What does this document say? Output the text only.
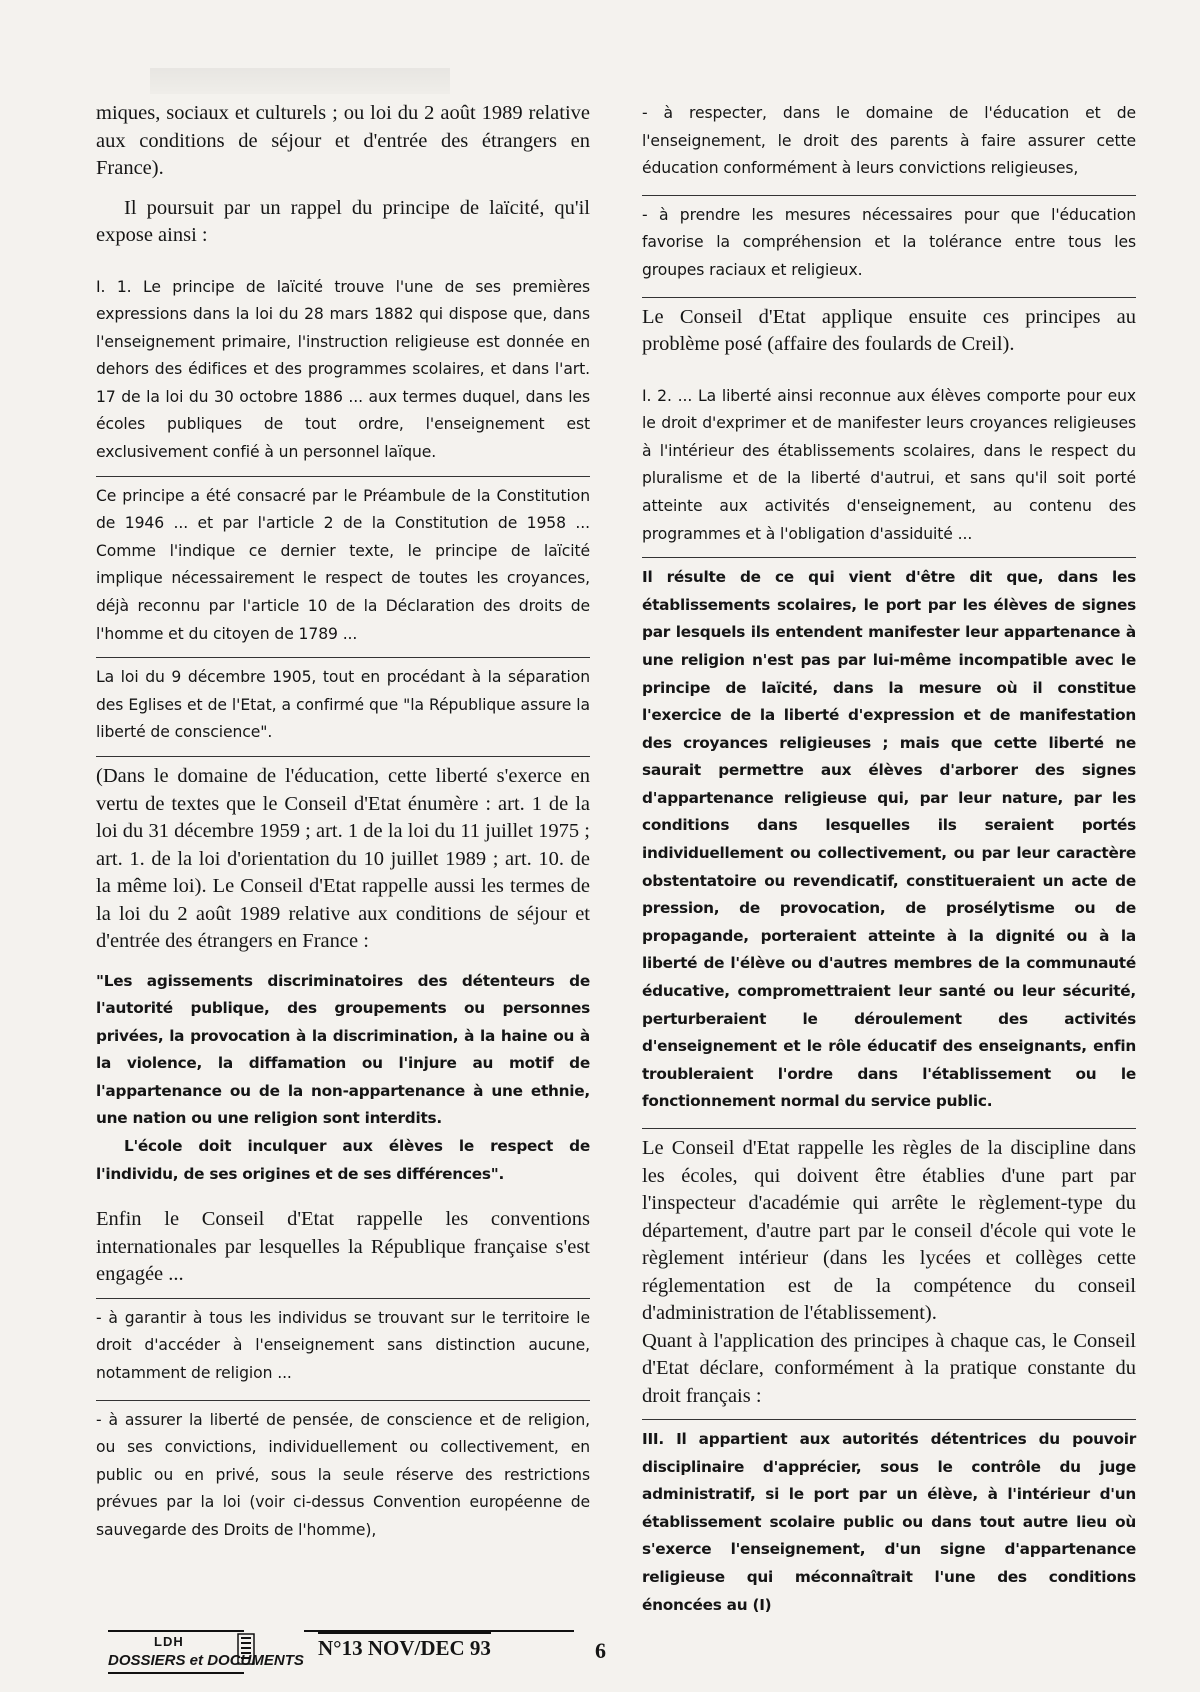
miques, sociaux et culturels ; ou loi du 2 août 1989 relative aux conditions de séjour et d'entrée des étrangers en France).

Il poursuit par un rappel du principe de laïcité, qu'il expose ainsi :

I. 1. Le principe de laïcité trouve l'une de ses premières expressions dans la loi du 28 mars 1882 qui dispose que, dans l'enseignement primaire, l'instruction religieuse est donnée en dehors des édifices et des programmes scolaires, et dans l'art. 17 de la loi du 30 octobre 1886 ... aux termes duquel, dans les écoles publiques de tout ordre, l'enseignement est exclusivement confié à un personnel laïque.

Ce principe a été consacré par le Préambule de la Constitution de 1946 ... et par l'article 2 de la Constitution de 1958 ... Comme l'indique ce dernier texte, le principe de laïcité implique nécessairement le respect de toutes les croyances, déjà reconnu par l'article 10 de la Déclaration des droits de l'homme et du citoyen de 1789 ...

La loi du 9 décembre 1905, tout en procédant à la séparation des Eglises et de l'Etat, a confirmé que "la République assure la liberté de conscience".

(Dans le domaine de l'éducation, cette liberté s'exerce en vertu de textes que le Conseil d'Etat énumère : art. 1 de la loi du 31 décembre 1959 ; art. 1 de la loi du 11 juillet 1975 ; art. 1. de la loi d'orientation du 10 juillet 1989 ; art. 10. de la même loi). Le Conseil d'Etat rappelle aussi les termes de la loi du 2 août 1989 relative aux conditions de séjour et d'entrée des étrangers en France :

"Les agissements discriminatoires des détenteurs de l'autorité publique, des groupements ou personnes privées, la provocation à la discrimination, à la haine ou à la violence, la diffamation ou l'injure au motif de l'appartenance ou de la non-appartenance à une ethnie, une nation ou une religion sont interdits.

L'école doit inculquer aux élèves le respect de l'individu, de ses origines et de ses différences".

Enfin le Conseil d'Etat rappelle les conventions internationales par lesquelles la République française s'est engagée ...

- à garantir à tous les individus se trouvant sur le territoire le droit d'accéder à l'enseignement sans distinction aucune, notamment de religion ...

- à assurer la liberté de pensée, de conscience et de religion, ou ses convictions, individuellement ou collectivement, en public ou en privé, sous la seule réserve des restrictions prévues par la loi (voir ci-dessus Convention européenne de sauvegarde des Droits de l'homme),

- à respecter, dans le domaine de l'éducation et de l'enseignement, le droit des parents à faire assurer cette éducation conformément à leurs convictions religieuses,

- à prendre les mesures nécessaires pour que l'éducation favorise la compréhension et la tolérance entre tous les groupes raciaux et religieux.

Le Conseil d'Etat applique ensuite ces principes au problème posé (affaire des foulards de Creil).

I. 2. ... La liberté ainsi reconnue aux élèves comporte pour eux le droit d'exprimer et de manifester leurs croyances religieuses à l'intérieur des établissements scolaires, dans le respect du pluralisme et de la liberté d'autrui, et sans qu'il soit porté atteinte aux activités d'enseignement, au contenu des programmes et à l'obligation d'assiduité ...

Il résulte de ce qui vient d'être dit que, dans les établissements scolaires, le port par les élèves de signes par lesquels ils entendent manifester leur appartenance à une religion n'est pas par lui-même incompatible avec le principe de laïcité, dans la mesure où il constitue l'exercice de la liberté d'expression et de manifestation des croyances religieuses ; mais que cette liberté ne saurait permettre aux élèves d'arborer des signes d'appartenance religieuse qui, par leur nature, par les conditions dans lesquelles ils seraient portés individuellement ou collectivement, ou par leur caractère obstentatoire ou revendicatif, constitueraient un acte de pression, de provocation, de prosélytisme ou de propagande, porteraient atteinte à la dignité ou à la liberté de l'élève ou d'autres membres de la communauté éducative, compromettraient leur santé ou leur sécurité, perturberaient le déroulement des activités d'enseignement et le rôle éducatif des enseignants, enfin troubleraient l'ordre dans l'établissement ou le fonctionnement normal du service public.

Le Conseil d'Etat rappelle les règles de la discipline dans les écoles, qui doivent être établies d'une part par l'inspecteur d'académie qui arrête le règlement-type du département, d'autre part par le conseil d'école qui vote le règlement intérieur (dans les lycées et collèges cette réglementation est de la compétence du conseil d'administration de l'établissement).

Quant à l'application des principes à chaque cas, le Conseil d'Etat déclare, conformément à la pratique constante du droit français :

III. Il appartient aux autorités détentrices du pouvoir disciplinaire d'apprécier, sous le contrôle du juge administratif, si le port par un élève, à l'intérieur d'un établissement scolaire public ou dans tout autre lieu où s'exerce l'enseignement, d'un signe d'appartenance religieuse qui méconnaîtrait l'une des conditions énoncées au (I)

LDH
DOSSIERS et DOCUMENTS
N°13 NOV/DEC 93	6
